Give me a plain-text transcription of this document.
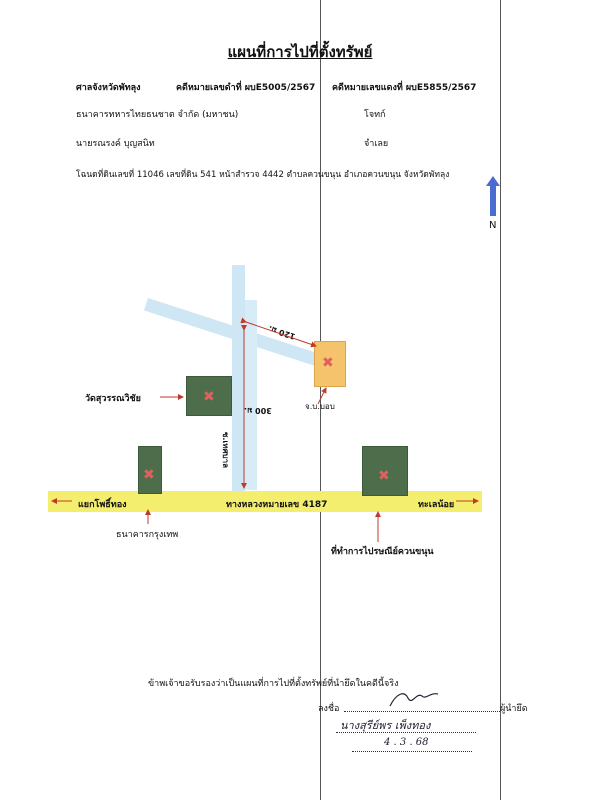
แผนที่การไปที่ตั้งทรัพย์
ศาลจังหวัดพัทลุง	คดีหมายเลขดำที่ ผบE5005/2567 คดีหมายเลขแดงที่ ผบE5855/2567
ธนาคารทหารไทยธนชาต จำกัด (มหาชน)	โจทก์
นายรณรงค์ บุญสนิท	จำเลย
โฉนดที่ดินเลขที่ 11046 เลขที่ดิน 541 หน้าสำรวจ 4442 ตำบลควนขนุน อำเภอควนขนุน จังหวัดพัทลุง
N
ทางหลวงหมายเลข 4187
แยกโพธิ์ทอง	ทะเลน้อย
✖
วัดสุวรรณวิชัย
✖
ธนาคารกรุงเทพ
✖
ที่ทำการไปรษณีย์ควนขนุน
✖
จ.บ.บอบ
120 ม.
300 ม.
ซ.เทศบาล
ข้าพเจ้าขอรับรองว่าเป็นแผนที่การไปที่ตั้งทรัพย์ที่นำยึดในคดีนี้จริง
ลงชื่อ	ผู้นำยึด
นางสุรีย์พร เพ็งทอง
4 . 3 . 68
